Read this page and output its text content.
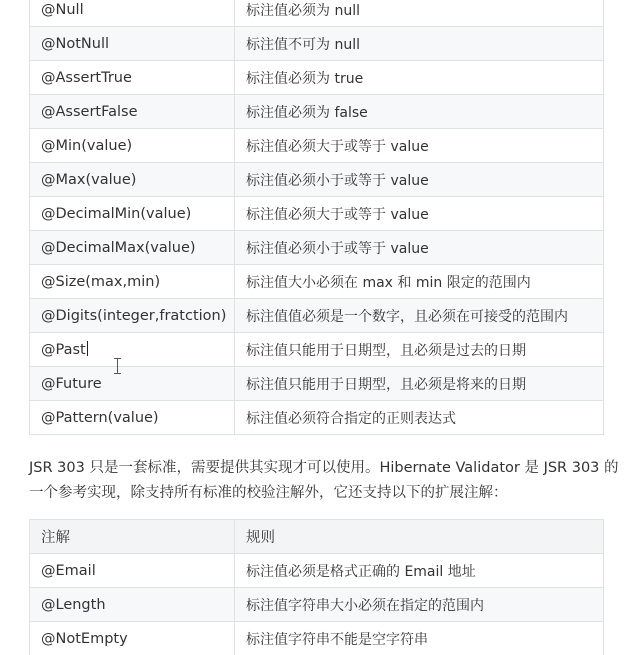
@Null	标注值必须为 null
@NotNull	标注值不可为 null
@AssertTrue	标注值必须为 true
@AssertFalse	标注值必须为 false
@Min(value)	标注值必须大于或等于 value
@Max(value)	标注值必须小于或等于 value
@DecimalMin(value)	标注值必须大于或等于 value
@DecimalMax(value)	标注值必须小于或等于 value
@Size(max,min)	标注值大小必须在 max 和 min 限定的范围内
@Digits(integer,fratction)	标注值值必须是一个数字，且必须在可接受的范围内
@Past	标注值只能用于日期型，且必须是过去的日期
@Future	标注值只能用于日期型，且必须是将来的日期
@Pattern(value)	标注值必须符合指定的正则表达式

JSR 303 只是一套标准，需要提供其实现才可以使用。Hibernate Validator 是 JSR 303 的一个参考实现，除支持所有标准的校验注解外，它还支持以下的扩展注解：

注解	规则
@Email	标注值必须是格式正确的 Email 地址
@Length	标注值字符串大小必须在指定的范围内
@NotEmpty	标注值字符串不能是空字符串
